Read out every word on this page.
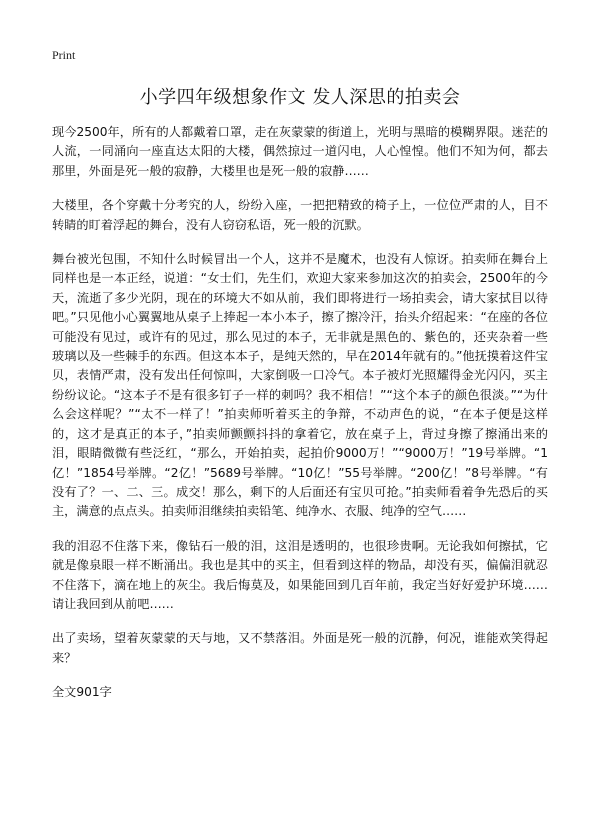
Print
小学四年级想象作文 发人深思的拍卖会

现今2500年，所有的人都戴着口罩，走在灰蒙蒙的街道上，光明与黑暗的模糊界限。迷茫的人流，一同涌向一座直达太阳的大楼，偶然掠过一道闪电，人心惶惶。他们不知为何，都去那里，外面是死一般的寂静，大楼里也是死一般的寂静……

大楼里，各个穿戴十分考究的人，纷纷入座，一把把精致的椅子上，一位位严肃的人，目不转睛的盯着浮起的舞台，没有人窃窃私语，死一般的沉默。

舞台被光包围，不知什么时候冒出一个人，这并不是魔术，也没有人惊讶。拍卖师在舞台上同样也是一本正经，说道：“女士们，先生们，欢迎大家来参加这次的拍卖会，2500年的今天，流逝了多少光阴，现在的环境大不如从前，我们即将进行一场拍卖会，请大家拭目以待吧。”只见他小心翼翼地从桌子上捧起一本小本子，擦了擦冷汗，抬头介绍起来：“在座的各位可能没有见过，或许有的见过，那么见过的本子，无非就是黑色的、紫色的，还夹杂着一些玻璃以及一些棘手的东西。但这本本子，是纯天然的，早在2014年就有的。”他抚摸着这件宝贝，表情严肃，没有发出任何惊叫，大家倒吸一口冷气。本子被灯光照耀得金光闪闪，买主纷纷议论。“这本子不是有很多钉子一样的刺吗？我不相信！”“这个本子的颜色很淡。”“为什么会这样呢？”“太不一样了！”拍卖师听着买主的争辩，不动声色的说，“在本子便是这样的，这才是真正的本子，”拍卖师颤颤抖抖的拿着它，放在桌子上，背过身擦了擦涌出来的泪，眼睛微微有些泛红，“那么，开始拍卖，起拍价9000万！”“9000万！”19号举牌。“1亿！”1854号举牌。“2亿！”5689号举牌。“10亿！”55号举牌。“200亿！”8号举牌。“有没有了？一、二、三。成交！那么，剩下的人后面还有宝贝可抢。”拍卖师看着争先恐后的买主，满意的点点头。拍卖师泪继续拍卖铅笔、纯净水、衣服、纯净的空气……

我的泪忍不住落下来，像钻石一般的泪，这泪是透明的，也很珍贵啊。无论我如何擦拭，它就是像泉眼一样不断涌出。我也是其中的买主，但看到这样的物品，却没有买，偏偏泪就忍不住落下，滴在地上的灰尘。我后悔莫及，如果能回到几百年前，我定当好好爱护环境……请让我回到从前吧……

出了卖场，望着灰蒙蒙的天与地，又不禁落泪。外面是死一般的沉静，何况，谁能欢笑得起来？

全文901字
